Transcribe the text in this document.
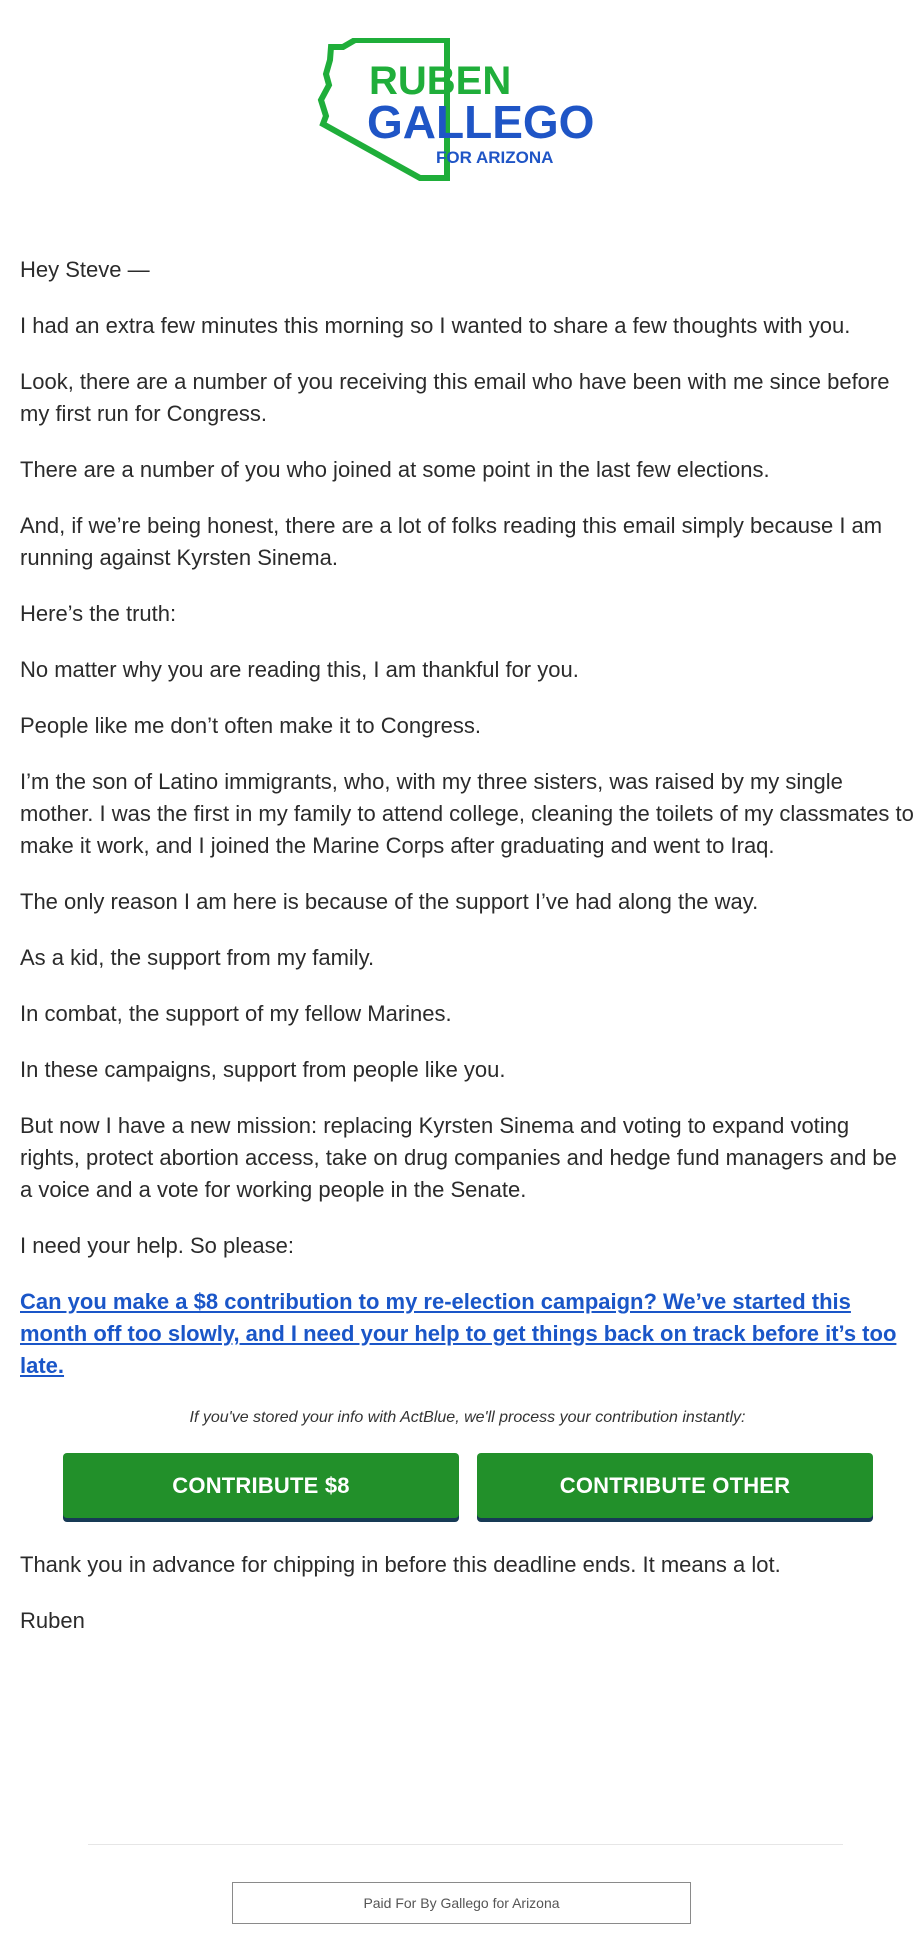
RUBEN
GALLEGO
FOR ARIZONA

Hey Steve —

I had an extra few minutes this morning so I wanted to share a few thoughts with you.

Look, there are a number of you receiving this email who have been with me since before my first run for Congress.

There are a number of you who joined at some point in the last few elections.

And, if we’re being honest, there are a lot of folks reading this email simply because I am running against Kyrsten Sinema.

Here’s the truth:

No matter why you are reading this, I am thankful for you.

People like me don’t often make it to Congress.

I’m the son of Latino immigrants, who, with my three sisters, was raised by my single mother. I was the first in my family to attend college, cleaning the toilets of my classmates to make it work, and I joined the Marine Corps after graduating and went to Iraq.

The only reason I am here is because of the support I’ve had along the way.

As a kid, the support from my family.

In combat, the support of my fellow Marines.

In these campaigns, support from people like you.

But now I have a new mission: replacing Kyrsten Sinema and voting to expand voting rights, protect abortion access, take on drug companies and hedge fund managers and be a voice and a vote for working people in the Senate.

I need your help. So please:

Can you make a $8 contribution to my re-election campaign? We’ve started this month off too slowly, and I need your help to get things back on track before it’s too late.
If you've stored your info with ActBlue, we'll process your contribution instantly:
CONTRIBUTE $8	CONTRIBUTE OTHER

Thank you in advance for chipping in before this deadline ends. It means a lot.

Ruben

Paid For By Gallego for Arizona
